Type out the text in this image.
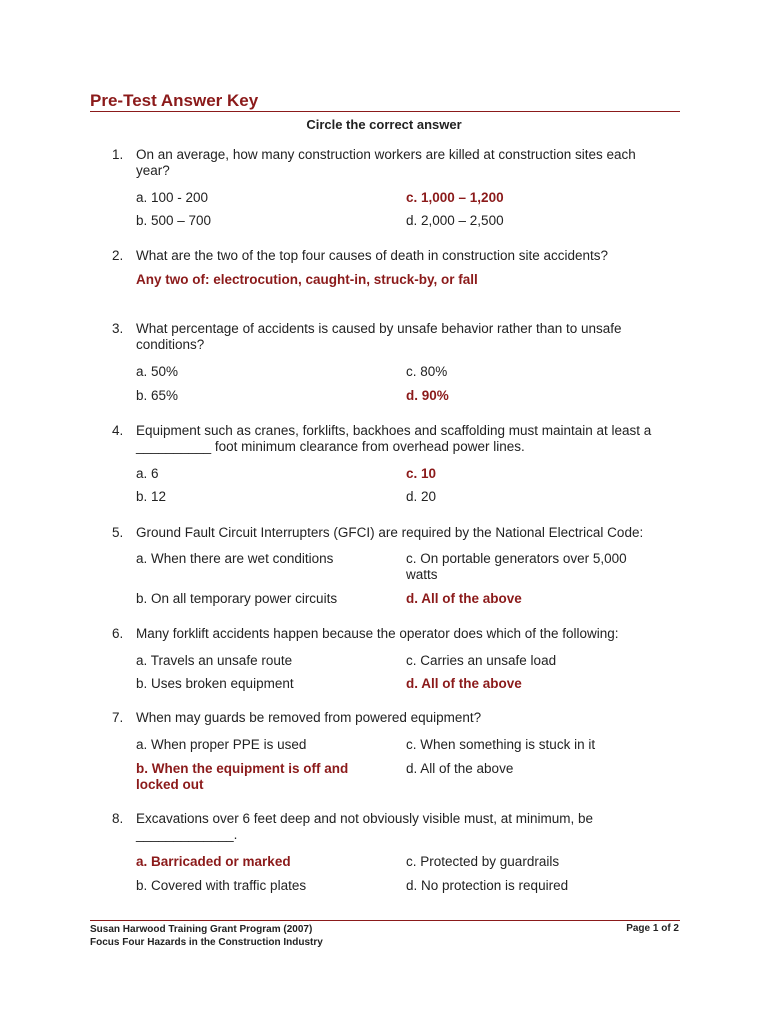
Pre-Test Answer Key
Circle the correct answer
1. On an average, how many construction workers are killed at construction sites each year?
a. 100 - 200
b. 500 – 700
c. 1,000 – 1,200
d. 2,000 – 2,500
2. What are the two of the top four causes of death in construction site accidents?
Any two of: electrocution, caught-in, struck-by, or fall
3. What percentage of accidents is caused by unsafe behavior rather than to unsafe conditions?
a. 50%
b. 65%
c. 80%
d. 90%
4. Equipment such as cranes, forklifts, backhoes and scaffolding must maintain at least a __________ foot minimum clearance from overhead power lines.
a. 6
b. 12
c. 10
d. 20
5. Ground Fault Circuit Interrupters (GFCI) are required by the National Electrical Code:
a. When there are wet conditions
b. On all temporary power circuits
c. On portable generators over 5,000 watts
d. All of the above
6. Many forklift accidents happen because the operator does which of the following:
a. Travels an unsafe route
b. Uses broken equipment
c. Carries an unsafe load
d. All of the above
7. When may guards be removed from powered equipment?
a. When proper PPE is used
b. When the equipment is off and locked out
c. When something is stuck in it
d. All of the above
8. Excavations over 6 feet deep and not obviously visible must, at minimum, be _____________.
a. Barricaded or marked
b. Covered with traffic plates
c. Protected by guardrails
d. No protection is required
Susan Harwood Training Grant Program (2007)
Focus Four Hazards in the Construction Industry
Page 1 of 2
